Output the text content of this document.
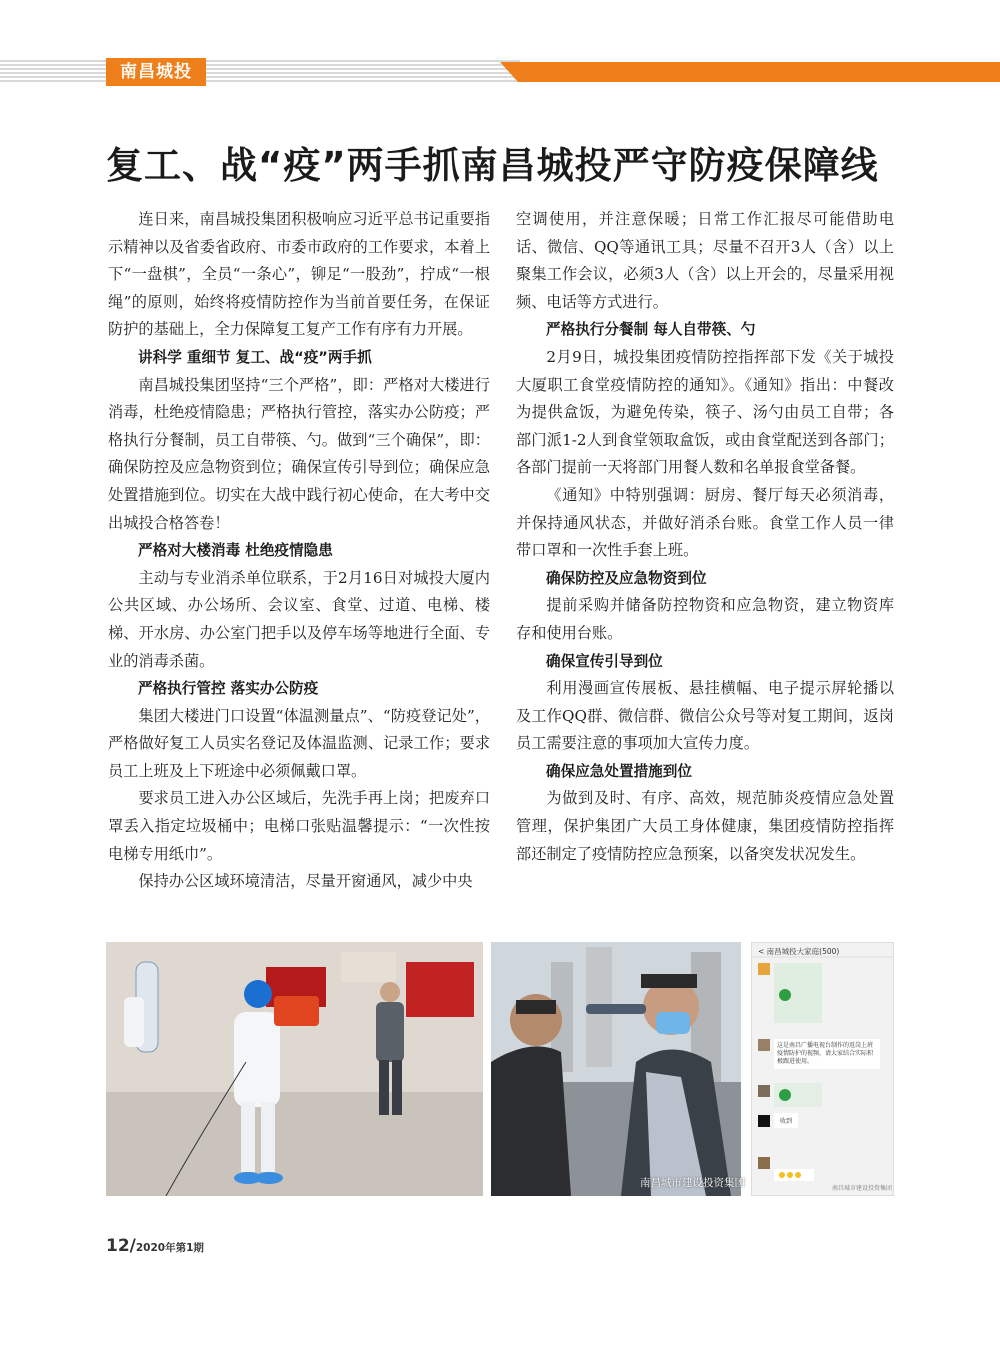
南昌城投
复工、战“疫”两手抓南昌城投严守防疫保障线

连日来，南昌城投集团积极响应习近平总书记重要指示精神以及省委省政府、市委市政府的工作要求，本着上下“一盘棋”，全员“一条心”，铆足“一股劲”，拧成“一根绳”的原则，始终将疫情防控作为当前首要任务，在保证防护的基础上，全力保障复工复产工作有序有力开展。

讲科学 重细节 复工、战“疫”两手抓

南昌城投集团坚持“三个严格”，即：严格对大楼进行消毒，杜绝疫情隐患；严格执行管控，落实办公防疫；严格执行分餐制，员工自带筷、勺。做到“三个确保”，即：确保防控及应急物资到位；确保宣传引导到位；确保应急处置措施到位。切实在大战中践行初心使命，在大考中交出城投合格答卷！

严格对大楼消毒 杜绝疫情隐患

主动与专业消杀单位联系，于2月16日对城投大厦内公共区域、办公场所、会议室、食堂、过道、电梯、楼梯、开水房、办公室门把手以及停车场等地进行全面、专业的消毒杀菌。

严格执行管控 落实办公防疫

集团大楼进门口设置“体温测量点”、“防疫登记处”，严格做好复工人员实名登记及体温监测、记录工作；要求员工上班及上下班途中必须佩戴口罩。

要求员工进入办公区域后，先洗手再上岗；把废弃口罩丢入指定垃圾桶中；电梯口张贴温馨提示：“一次性按电梯专用纸巾”。

保持办公区域环境清洁，尽量开窗通风，减少中央

空调使用，并注意保暖；日常工作汇报尽可能借助电话、微信、QQ等通讯工具；尽量不召开3人（含）以上聚集工作会议，必须3人（含）以上开会的，尽量采用视频、电话等方式进行。

严格执行分餐制 每人自带筷、勺

2月9日，城投集团疫情防控指挥部下发《关于城投大厦职工食堂疫情防控的通知》。《通知》指出：中餐改为提供盒饭，为避免传染，筷子、汤勺由员工自带；各部门派1-2人到食堂领取盒饭，或由食堂配送到各部门；各部门提前一天将部门用餐人数和名单报食堂备餐。

《通知》中特别强调：厨房、餐厅每天必须消毒，并保持通风状态，并做好消杀台账。食堂工作人员一律带口罩和一次性手套上班。

确保防控及应急物资到位

提前采购并储备防控物资和应急物资，建立物资库存和使用台账。

确保宣传引导到位

利用漫画宣传展板、悬挂横幅、电子提示屏轮播以及工作QQ群、微信群、微信公众号等对复工期间，返岗员工需要注意的事项加大宣传力度。

确保应急处置措施到位

为做到及时、有序、高效，规范肺炎疫情应急处置管理，保护集团广大员工身体健康，集团疫情防控指挥部还制定了疫情防控应急预案，以备突发状况发生。

南昌城市建设投资集团
< 南昌城投大家庭(500)
这是南昌广播电视台制作的返岗上班疫情防护的视频，请大家结合实际积极跟进使用。
收到
南昌城市建设投资集团
12/2020年第1期
